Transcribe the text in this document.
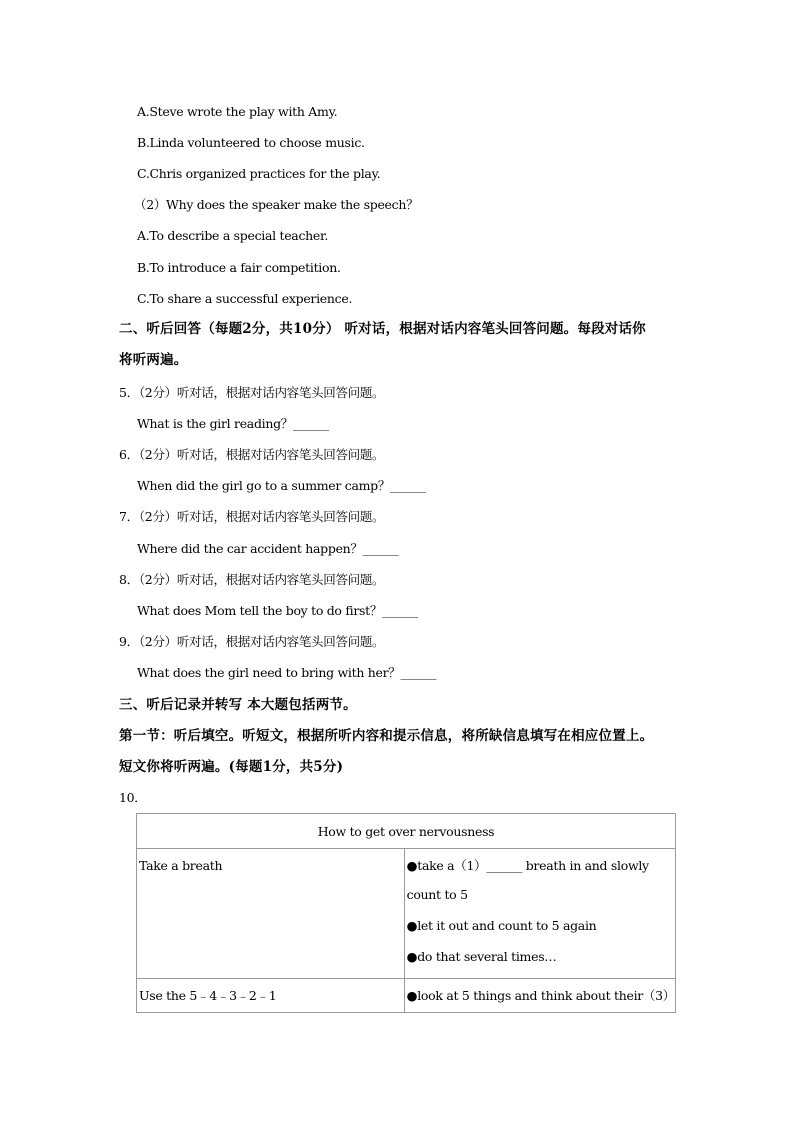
A.Steve wrote the play with Amy.
B.Linda volunteered to choose music.
C.Chris organized practices for the play.
（2）Why does the speaker make the speech？
A.To describe a special teacher.
B.To introduce a fair competition.
C.To share a successful experience.
二、听后回答（每题2分，共10分） 听对话，根据对话内容笔头回答问题。每段对话你
将听两遍。
5．（2分）听对话，根据对话内容笔头回答问题。
What is the girl reading？______
6．（2分）听对话，根据对话内容笔头回答问题。
When did the girl go to a summer camp？______
7．（2分）听对话，根据对话内容笔头回答问题。
Where did the car accident happen？______
8．（2分）听对话，根据对话内容笔头回答问题。
What does Mom tell the boy to do first？______
9．（2分）听对话，根据对话内容笔头回答问题。
What does the girl need to bring with her？______
三、听后记录并转写 本大题包括两节。
第一节：听后填空。听短文，根据所听内容和提示信息，将所缺信息填写在相应位置上。
短文你将听两遍。(每题1分，共5分)
10．
How to get over nervousness	

Take a breath	●take a（1）______ breath in and slowly
count to 5
●let it out and count to 5 again
●do that several times…

Use the 5﹣4﹣3﹣2﹣1	●look at 5 things and think about their（3）
